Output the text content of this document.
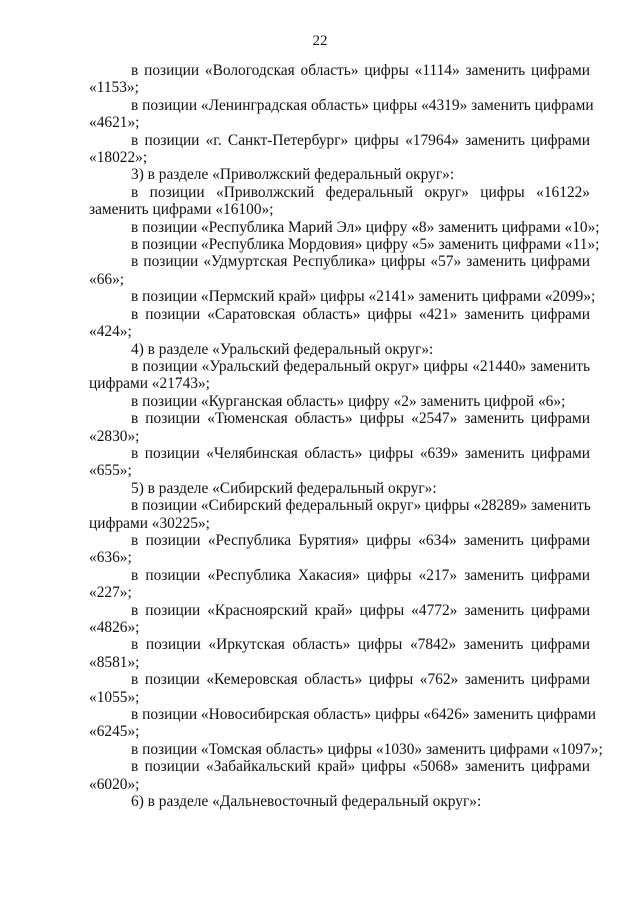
22

в позиции «Вологодская область» цифры «1114» заменить цифрами
«1153»;

в позиции «Ленинградская область» цифры «4319» заменить цифрами
«4621»;

в позиции «г. Санкт-Петербург» цифры «17964» заменить цифрами
«18022»;

3) в разделе «Приволжский федеральный округ»:

в позиции «Приволжский федеральный округ» цифры «16122»
заменить цифрами «16100»;

в позиции «Республика Марий Эл» цифру «8» заменить цифрами «10»;

в позиции «Республика Мордовия» цифру «5» заменить цифрами «11»;

в позиции «Удмуртская Республика» цифры «57» заменить цифрами
«66»;

в позиции «Пермский край» цифры «2141» заменить цифрами «2099»;

в позиции «Саратовская область» цифры «421» заменить цифрами
«424»;

4) в разделе «Уральский федеральный округ»:

в позиции «Уральский федеральный округ» цифры «21440» заменить
цифрами «21743»;

в позиции «Курганская область» цифру «2» заменить цифрой «6»;

в позиции «Тюменская область» цифры «2547» заменить цифрами
«2830»;

в позиции «Челябинская область» цифры «639» заменить цифрами
«655»;

5) в разделе «Сибирский федеральный округ»:

в позиции «Сибирский федеральный округ» цифры «28289» заменить
цифрами «30225»;

в позиции «Республика Бурятия» цифры «634» заменить цифрами
«636»;

в позиции «Республика Хакасия» цифры «217» заменить цифрами
«227»;

в позиции «Красноярский край» цифры «4772» заменить цифрами
«4826»;

в позиции «Иркутская область» цифры «7842» заменить цифрами
«8581»;

в позиции «Кемеровская область» цифры «762» заменить цифрами
«1055»;

в позиции «Новосибирская область» цифры «6426» заменить цифрами
«6245»;

в позиции «Томская область» цифры «1030» заменить цифрами «1097»;

в позиции «Забайкальский край» цифры «5068» заменить цифрами
«6020»;

6) в разделе «Дальневосточный федеральный округ»:
